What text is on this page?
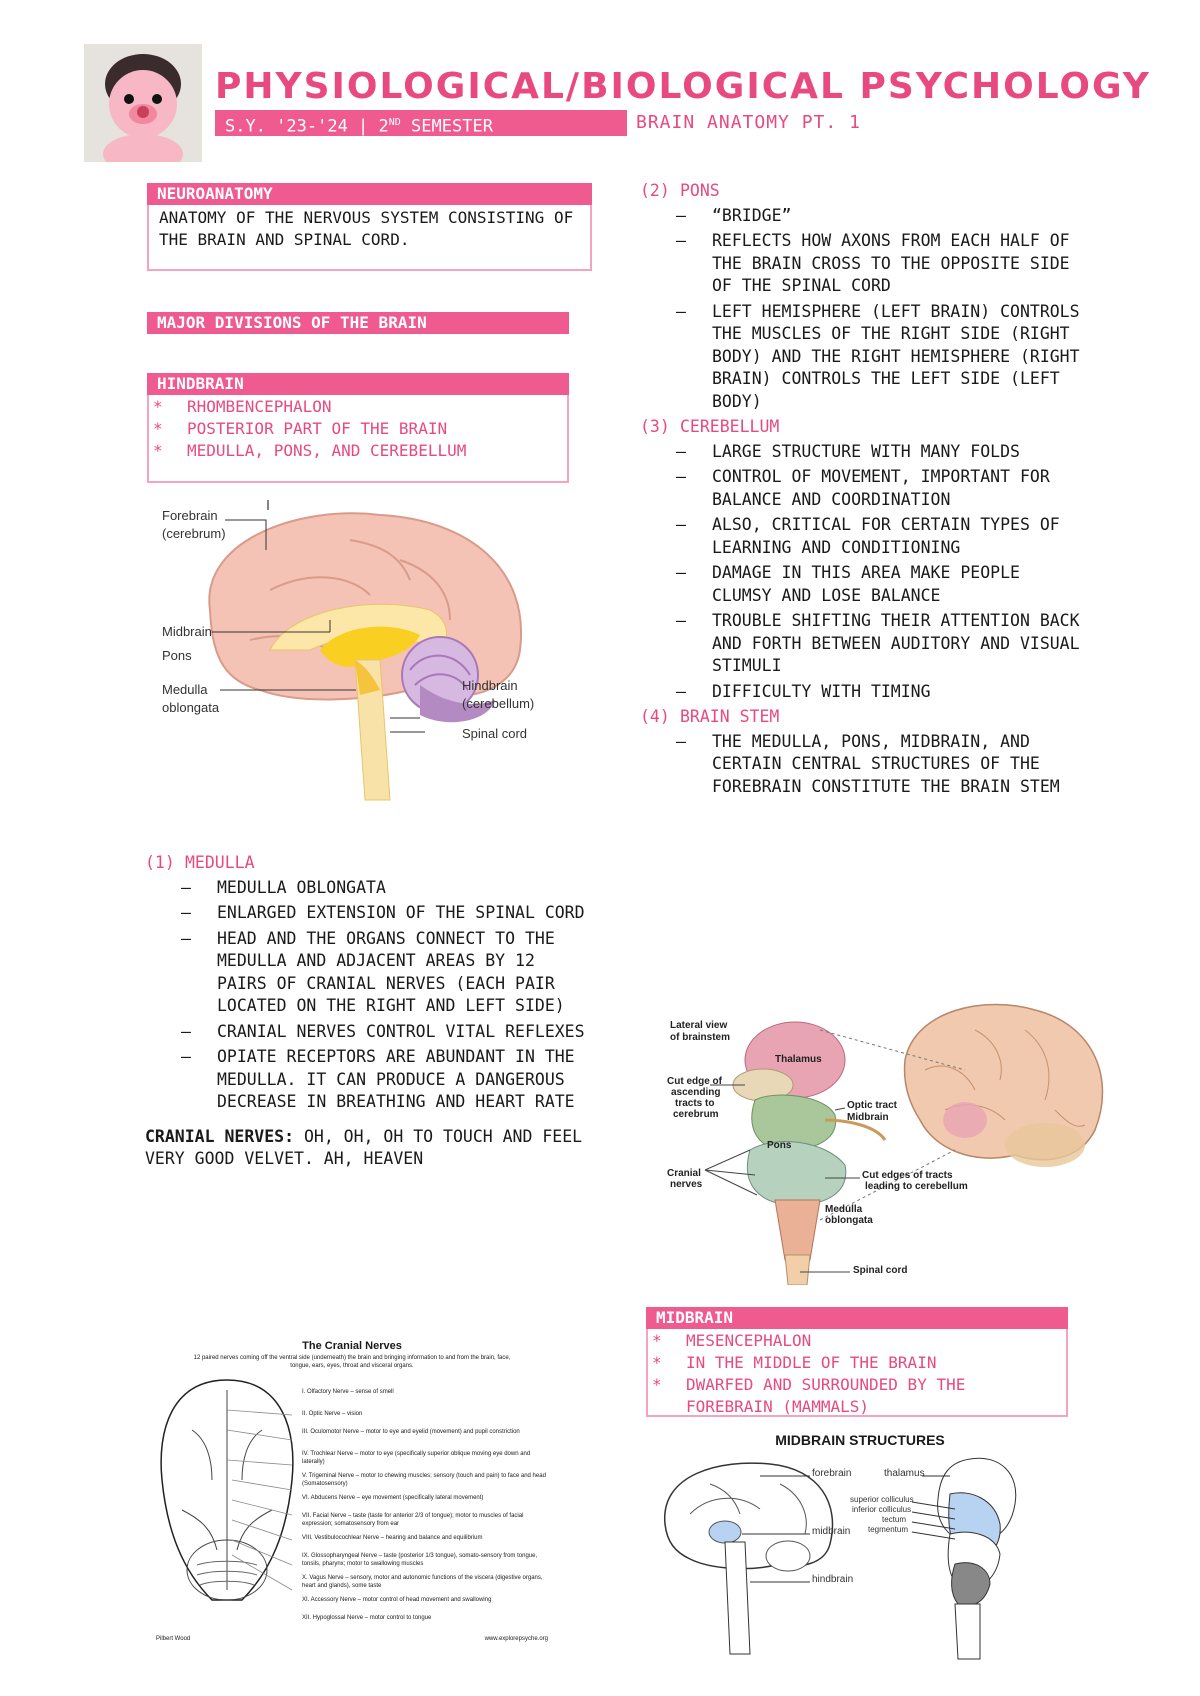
PHYSIOLOGICAL/BIOLOGICAL PSYCHOLOGY
S.Y. '23-'24 | 2ND SEMESTER	BRAIN ANATOMY PT. 1
NEUROANATOMY
ANATOMY OF THE NERVOUS SYSTEM CONSISTING OF THE BRAIN AND SPINAL CORD.
MAJOR DIVISIONS OF THE BRAIN
HINDBRAIN
* RHOMBENCEPHALON
* POSTERIOR PART OF THE BRAIN
* MEDULLA, PONS, AND CEREBELLUM
Forebrain
(cerebrum)
Midbrain
Pons
Medulla
oblongata
Hindbrain
(cerebellum)
Spinal cord

(1) MEDULLA

– MEDULLA OBLONGATA
– ENLARGED EXTENSION OF THE SPINAL CORD
– HEAD AND THE ORGANS CONNECT TO THE MEDULLA AND ADJACENT AREAS BY 12 PAIRS OF CRANIAL NERVES (EACH PAIR LOCATED ON THE RIGHT AND LEFT SIDE)
– CRANIAL NERVES CONTROL VITAL REFLEXES
– OPIATE RECEPTORS ARE ABUNDANT IN THE MEDULLA. IT CAN PRODUCE A DANGEROUS DECREASE IN BREATHING AND HEART RATE

CRANIAL NERVES: OH, OH, OH TO TOUCH AND FEEL VERY GOOD VELVET. AH, HEAVEN

The Cranial Nerves
12 paired nerves coming off the ventral side (underneath) the brain and bringing information to and from the brain, face, tongue, ears, eyes, throat and visceral organs.
I. Olfactory Nerve – sense of smell
II. Optic Nerve – vision
III. Oculomotor Nerve – motor to eye and eyelid (movement) and pupil constriction
IV. Trochlear Nerve – motor to eye (specifically superior oblique moving eye down and laterally)
V. Trigeminal Nerve – motor to chewing muscles; sensory (touch and pain) to face and head (Somatosensory)
VI. Abducens Nerve – eye movement (specifically lateral movement)
VII. Facial Nerve – taste (taste for anterior 2/3 of tongue); motor to muscles of facial expression; somatosensory from ear
VIII. Vestibulocochlear Nerve – hearing and balance and equilibrium
IX. Glossopharyngeal Nerve – taste (posterior 1/3 tongue), somato-sensory from tongue, tonsils, pharynx; motor to swallowing muscles
X. Vagus Nerve – sensory, motor and autonomic functions of the viscera (digestive organs, heart and glands), some taste
XI. Accessory Nerve – motor control of head movement and swallowing
XII. Hypoglossal Nerve – motor control to tongue
Pilbert Wood	www.explorepsyche.org

(2) PONS

– “BRIDGE”
– REFLECTS HOW AXONS FROM EACH HALF OF THE BRAIN CROSS TO THE OPPOSITE SIDE OF THE SPINAL CORD
– LEFT HEMISPHERE (LEFT BRAIN) CONTROLS THE MUSCLES OF THE RIGHT SIDE (RIGHT BODY) AND THE RIGHT HEMISPHERE (RIGHT BRAIN) CONTROLS THE LEFT SIDE (LEFT BODY)

(3) CEREBELLUM

– LARGE STRUCTURE WITH MANY FOLDS
– CONTROL OF MOVEMENT, IMPORTANT FOR BALANCE AND COORDINATION
– ALSO, CRITICAL FOR CERTAIN TYPES OF LEARNING AND CONDITIONING
– DAMAGE IN THIS AREA MAKE PEOPLE CLUMSY AND LOSE BALANCE
– TROUBLE SHIFTING THEIR ATTENTION BACK AND FORTH BETWEEN AUDITORY AND VISUAL STIMULI
– DIFFICULTY WITH TIMING

(4) BRAIN STEM

– THE MEDULLA, PONS, MIDBRAIN, AND CERTAIN CENTRAL STRUCTURES OF THE FOREBRAIN CONSTITUTE THE BRAIN STEM
Lateral view
of brainstem
Thalamus
Cut edge of
ascending
tracts to
cerebrum
Optic tract
Midbrain
Pons
Cranial
nerves
Cut edges of tracts
leading to cerebellum
Medulla
oblongata
Spinal cord
MIDBRAIN
* MESENCEPHALON
* IN THE MIDDLE OF THE BRAIN
* DWARFED AND SURROUNDED BY THE FOREBRAIN (MAMMALS)
MIDBRAIN STRUCTURES
forebrain
midbrain
hindbrain
thalamus
superior colliculus
inferior colliculus
tectum
tegmentum
